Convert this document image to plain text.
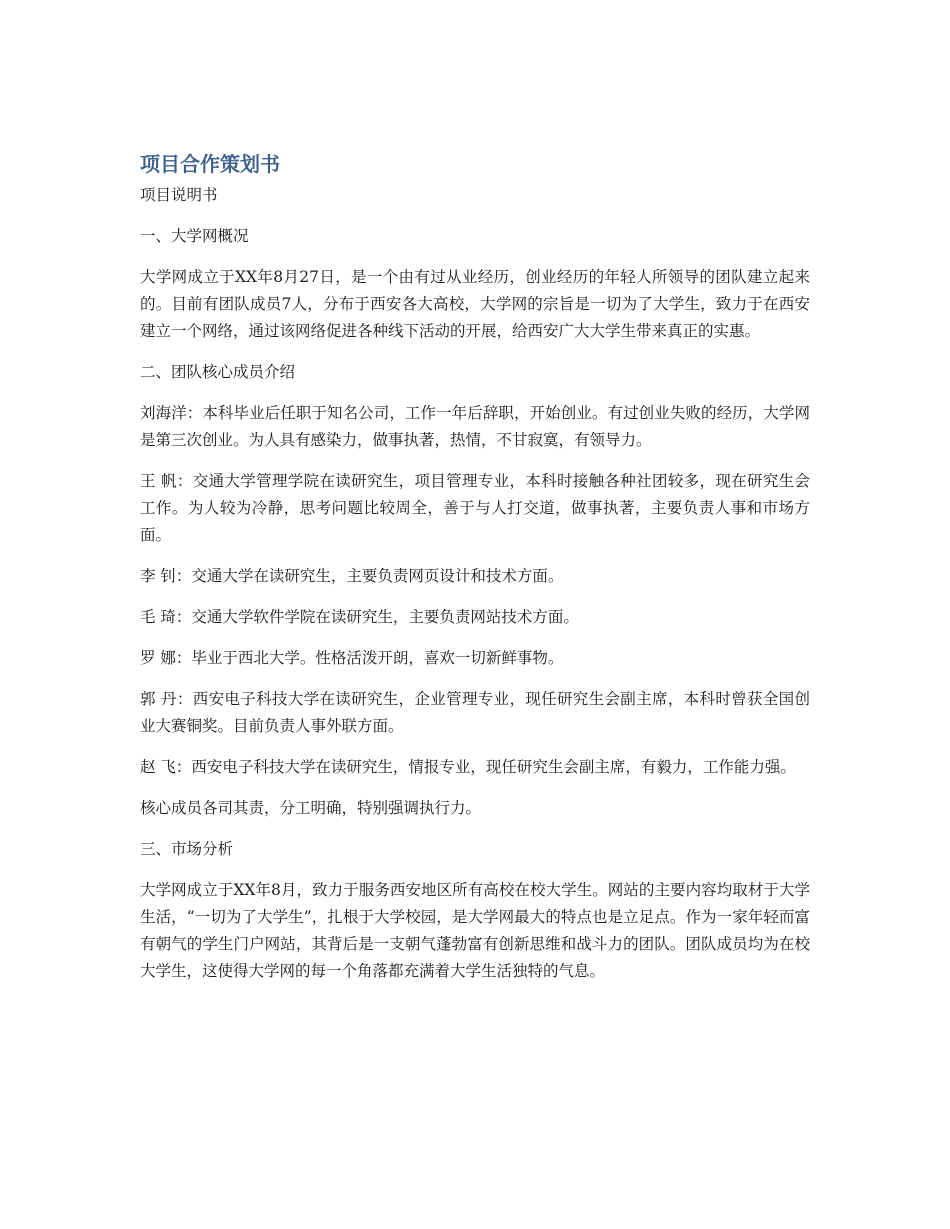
项目合作策划书
项目说明书

一、大学网概况

大学网成立于XX年8月27日，是一个由有过从业经历，创业经历的年轻人所领导的团队建立起来的。目前有团队成员7人，分布于西安各大高校，大学网的宗旨是一切为了大学生，致力于在西安建立一个网络，通过该网络促进各种线下活动的开展，给西安广大大学生带来真正的实惠。

二、团队核心成员介绍

刘海洋：本科毕业后任职于知名公司，工作一年后辞职，开始创业。有过创业失败的经历，大学网是第三次创业。为人具有感染力，做事执著，热情，不甘寂寞，有领导力。

王 帆：交通大学管理学院在读研究生，项目管理专业，本科时接触各种社团较多，现在研究生会工作。为人较为冷静，思考问题比较周全，善于与人打交道，做事执著，主要负责人事和市场方面。

李 钊：交通大学在读研究生，主要负责网页设计和技术方面。

毛 琦：交通大学软件学院在读研究生，主要负责网站技术方面。

罗 娜：毕业于西北大学。性格活泼开朗，喜欢一切新鲜事物。

郭 丹：西安电子科技大学在读研究生，企业管理专业，现任研究生会副主席，本科时曾获全国创业大赛铜奖。目前负责人事外联方面。

赵 飞：西安电子科技大学在读研究生，情报专业，现任研究生会副主席，有毅力，工作能力强。

核心成员各司其责，分工明确，特别强调执行力。

三、市场分析

大学网成立于XX年8月，致力于服务西安地区所有高校在校大学生。网站的主要内容均取材于大学生活，“一切为了大学生”，扎根于大学校园，是大学网最大的特点也是立足点。作为一家年轻而富有朝气的学生门户网站，其背后是一支朝气蓬勃富有创新思维和战斗力的团队。团队成员均为在校大学生，这使得大学网的每一个角落都充满着大学生活独特的气息。
